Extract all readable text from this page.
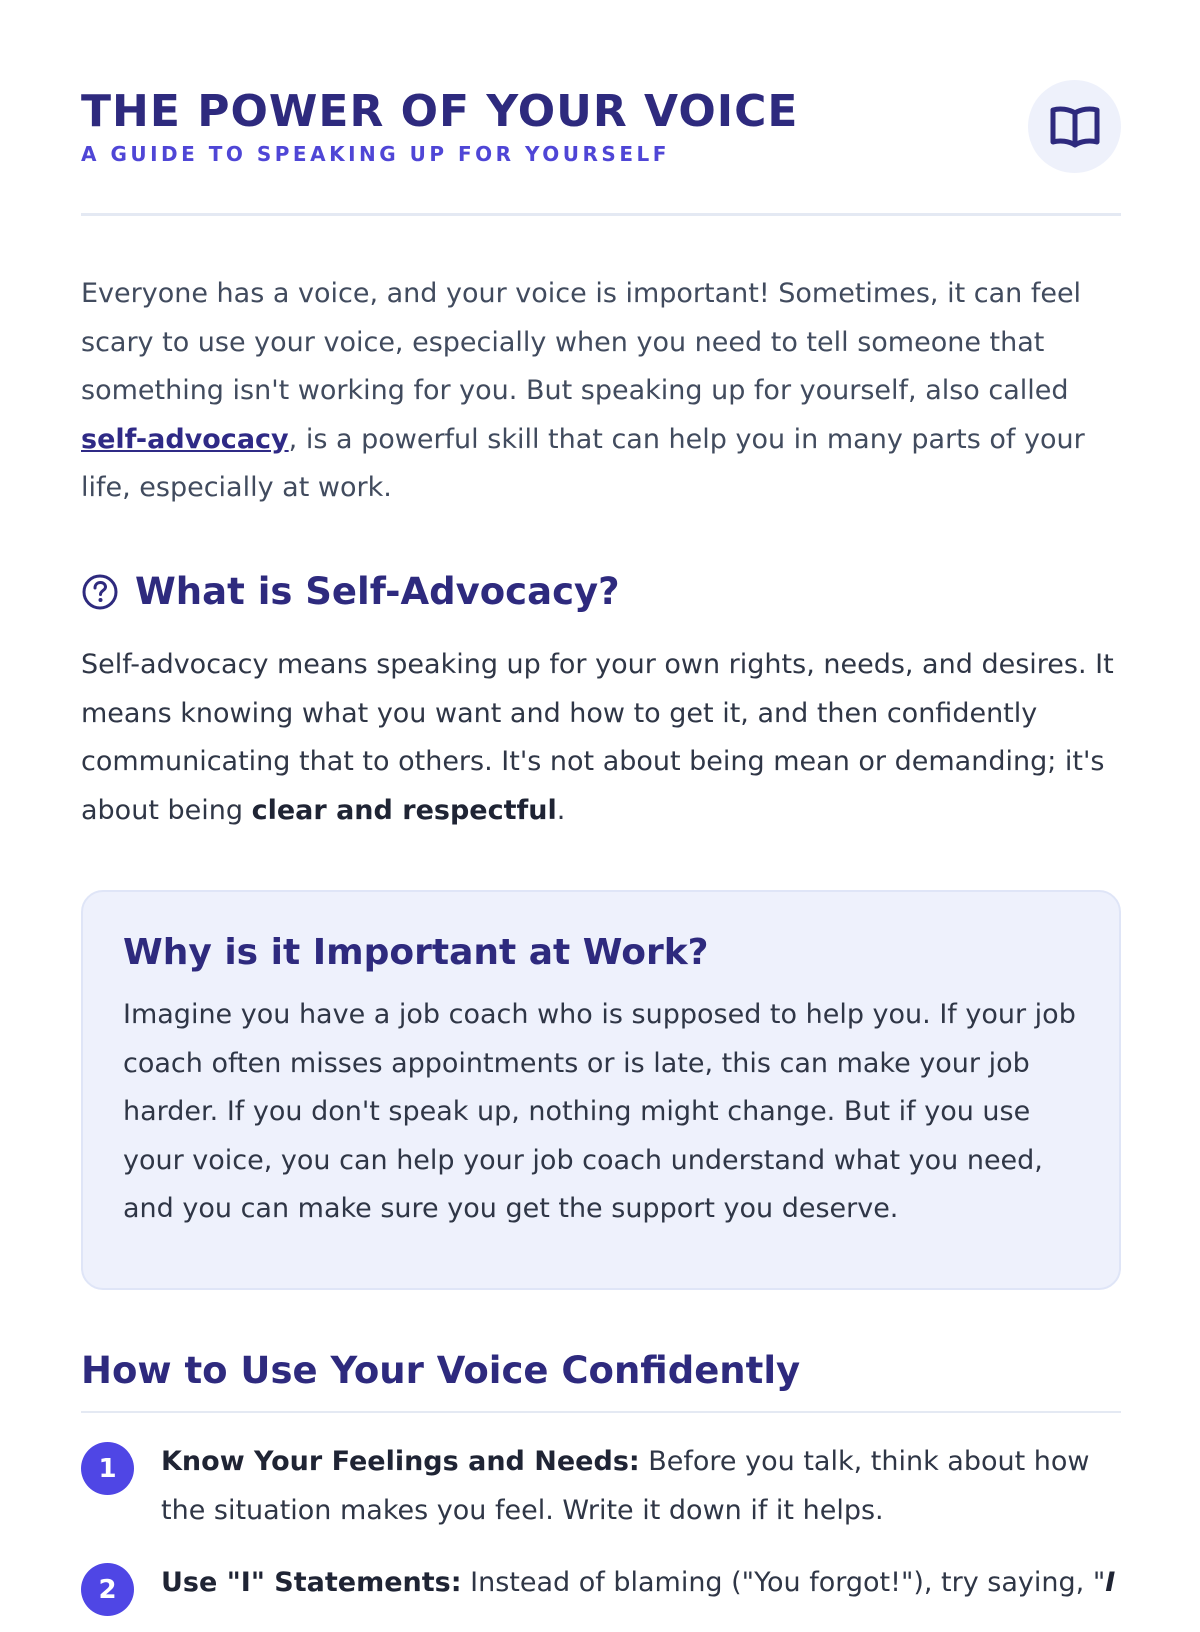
THE POWER OF YOUR VOICE
A GUIDE TO SPEAKING UP FOR YOURSELF

Everyone has a voice, and your voice is important! Sometimes, it can feel scary to use your voice, especially when you need to tell someone that something isn't working for you. But speaking up for yourself, also called self-advocacy, is a powerful skill that can help you in many parts of your life, especially at work.

What is Self-Advocacy?

Self-advocacy means speaking up for your own rights, needs, and desires. It means knowing what you want and how to get it, and then confidently communicating that to others. It's not about being mean or demanding; it's about being clear and respectful.

Why is it Important at Work?

Imagine you have a job coach who is supposed to help you. If your job coach often misses appointments or is late, this can make your job harder. If you don't speak up, nothing might change. But if you use your voice, you can help your job coach understand what you need, and you can make sure you get the support you deserve.

How to Use Your Voice Confidently
1	Know Your Feelings and Needs: Before you talk, think about how the situation makes you feel. Write it down if it helps.

2	Use "I" Statements: Instead of blaming ("You forgot!"), try saying, "I
